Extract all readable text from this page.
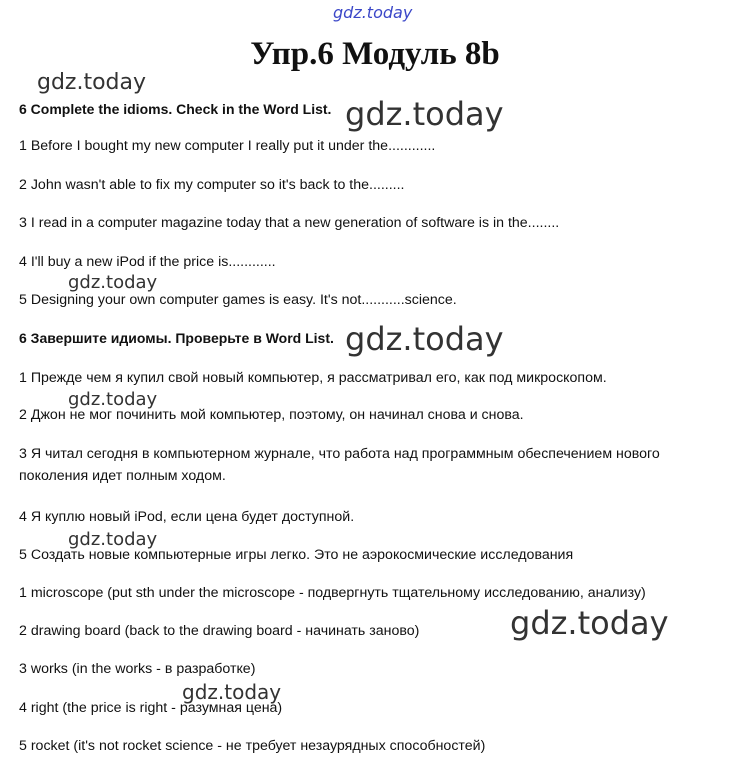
gdz.today
gdz.today
gdz.today
gdz.today
gdz.today
gdz.today
gdz.today
gdz.today
gdz.today
Упр.6 Модуль 8b
6 Complete the idioms. Check in the Word List.
1 Before I bought my new computer I really put it under the............
2 John wasn't able to fix my computer so it's back to the.........
3 I read in a computer magazine today that a new generation of software is in the........
4 I'll buy a new iPod if the price is............
5 Designing your own computer games is easy. It's not...........science.
6 Завершите идиомы. Проверьте в Word List.
1 Прежде чем я купил свой новый компьютер, я рассматривал его, как под микроскопом.
2 Джон не мог починить мой компьютер, поэтому, он начинал снова и снова.
3 Я читал сегодня в компьютерном журнале, что работа над программным обеспечением нового поколения идет полным ходом.
4 Я куплю новый iPod, если цена будет доступной.
5 Создать новые компьютерные игры легко. Это не аэрокосмические исследования
1 microscope (put sth under the microscope - подвергнуть тщательному исследованию, анализу)
2 drawing board (back to the drawing board - начинать заново)
3 works (in the works - в разработке)
4 right (the price is right - разумная цена)
5 rocket (it's not rocket science - не требует незаурядных способностей)
